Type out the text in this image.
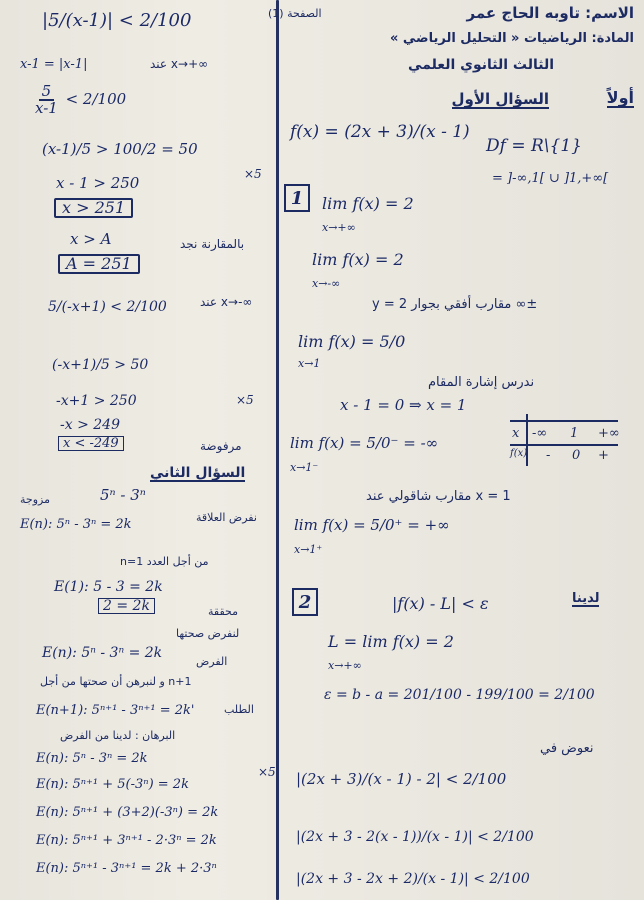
الصفحة (1)	الاسم: تاوبه الحاج عمر
المادة: الرياضيات « التحليل الرياضي »
الثالث الثانوي العلمي
أولاً
السؤال الأول
|5/(x-1)| < 2/100
x-1 = |x-1|	عند x→+∞
$\frac{5}{x-1} < 2/100$
(x-1)/5 > 100/2 = 50
×5
x - 1 > 250
x > 251
x > A	بالمقارنة نجد
A = 251
5/(-x+1) < 2/100	عند x→-∞
(-x+1)/5 > 50
-x+1 > 250	×5
-x > 249
x < -249	مرفوضة
السؤال الثاني
5ⁿ - 3ⁿ
مزوجة
E(n): 5ⁿ - 3ⁿ = 2k	نفرض العلاقة
n=1 من أجل العدد
E(1): 5 - 3 = 2k
2 = 2k	محققة
لنفرض صحتها
E(n): 5ⁿ - 3ⁿ = 2k
الفرض
و لنبرهن أن صحتها من أجل n+1
E(n+1): 5ⁿ⁺¹ - 3ⁿ⁺¹ = 2k'	الطلب
البرهان : لدينا من الفرض
E(n): 5ⁿ - 3ⁿ = 2k
×5
E(n): 5ⁿ⁺¹ + 5(-3ⁿ) = 2k
E(n): 5ⁿ⁺¹ + (3+2)(-3ⁿ) = 2k
E(n): 5ⁿ⁺¹ + 3ⁿ⁺¹ - 2·3ⁿ = 2k
E(n): 5ⁿ⁺¹ - 3ⁿ⁺¹ = 2k + 2·3ⁿ
f(x) = (2x + 3)/(x - 1)
Df = R\{1}
= ]-∞,1[ ∪ ]1,+∞[
1	lim f(x) = 2
x→+∞
lim f(x) = 2
x→-∞
y = 2 مقارب أفقي بجوار ∞±
lim f(x) = 5/0
x→1
ندرس إشارة المقام
x - 1 = 0 ⇒ x = 1
x -∞ 1 +∞
f(x) - 0 +
lim f(x) = 5/0⁻ = -∞
x→1⁻
مقارب شاقولي عند x = 1
lim f(x) = 5/0⁺ = +∞
x→1⁺
2	|f(x) - L| < ε	لدينا
L = lim f(x) = 2
x→+∞
ε = b - a = 201/100 - 199/100 = 2/100
نعوض في
|(2x + 3)/(x - 1) - 2| < 2/100
|(2x + 3 - 2(x - 1))/(x - 1)| < 2/100
|(2x + 3 - 2x + 2)/(x - 1)| < 2/100
